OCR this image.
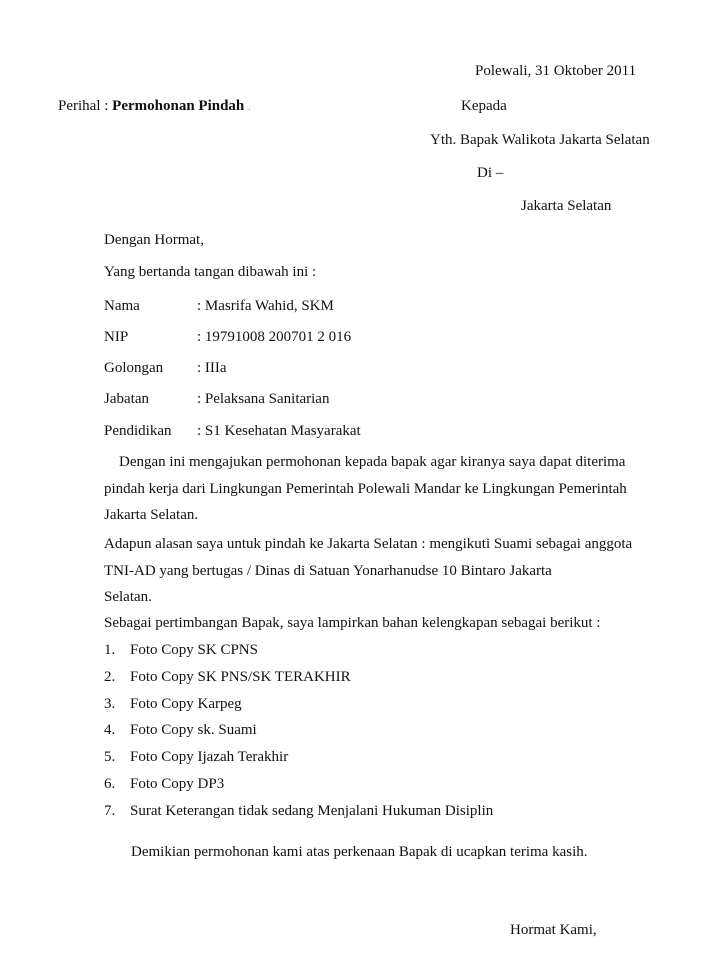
Polewali, 31 Oktober 2011
Perihal : Permohonan Pindah .	Kepada
Yth. Bapak Walikota Jakarta Selatan
Di –
Jakarta Selatan
Dengan Hormat,
Yang bertanda tangan dibawah ini :
Nama	: Masrifa Wahid, SKM
NIP	: 19791008 200701 2 016
Golongan : IIIa
Jabatan	: Pelaksana Sanitarian
Pendidikan : S1 Kesehatan Masyarakat
Dengan ini mengajukan permohonan kepada bapak agar kiranya saya dapat diterima
pindah kerja dari Lingkungan Pemerintah Polewali Mandar ke Lingkungan Pemerintah
Jakarta Selatan.
Adapun alasan saya untuk pindah ke Jakarta Selatan : mengikuti Suami sebagai anggota
TNI-AD yang bertugas / Dinas di Satuan Yonarhanudse 10 Bintaro Jakarta
Selatan.
Sebagai pertimbangan Bapak, saya lampirkan bahan kelengkapan sebagai berikut :
1. Foto Copy SK CPNS
2. Foto Copy SK PNS/SK TERAKHIR
3. Foto Copy Karpeg
4. Foto Copy sk. Suami
5. Foto Copy Ijazah Terakhir
6. Foto Copy DP3
7. Surat Keterangan tidak sedang Menjalani Hukuman Disiplin
Demikian permohonan kami atas perkenaan Bapak di ucapkan terima kasih.
Hormat Kami,
